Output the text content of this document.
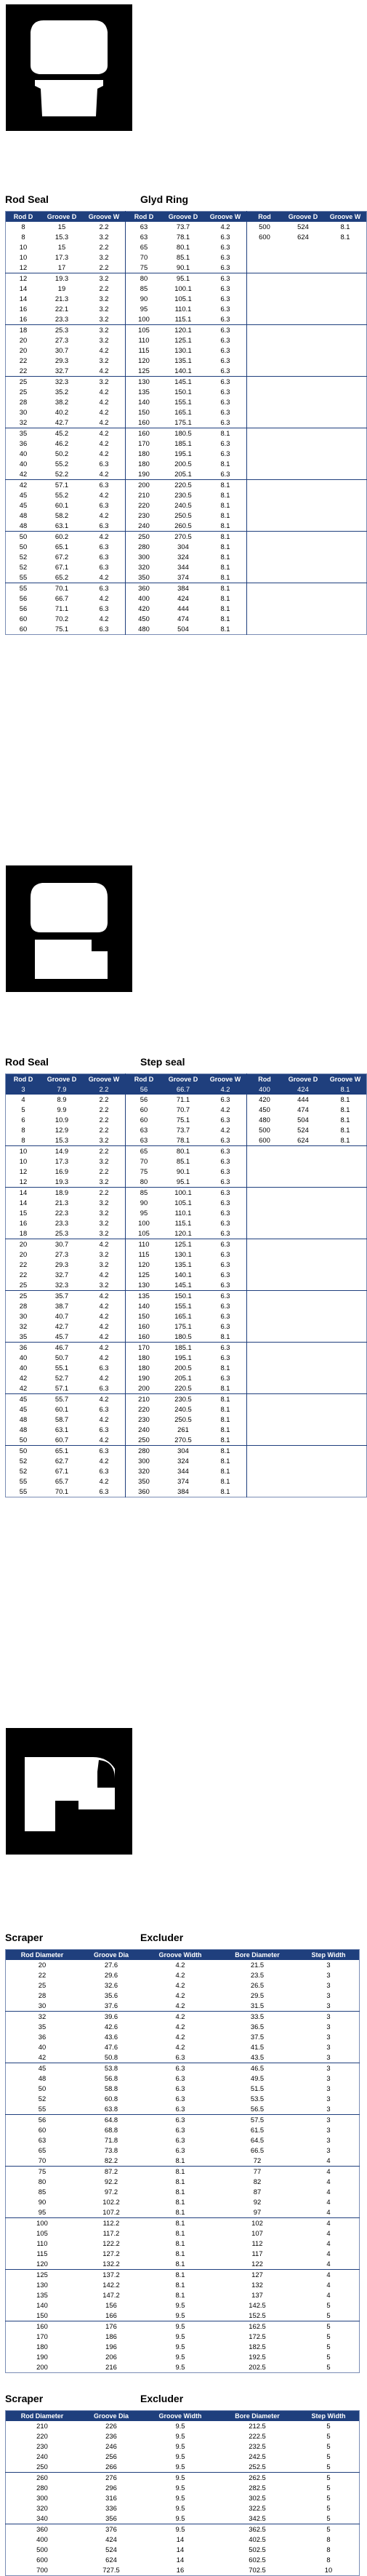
Rod Seal	Glyd Ring
Rod D	Groove D	Groove W	Rod D	Groove D	Groove W	Rod	Groove D	Groove W
8	15	2.2	63	73.7	4.2	500	524	8.1
8	15.3	3.2	63	78.1	6.3	600	624	8.1
10	15	2.2	65	80.1	6.3			
10	17.3	3.2	70	85.1	6.3			
12	17	2.2	75	90.1	6.3			
12	19.3	3.2	80	95.1	6.3			
14	19	2.2	85	100.1	6.3			
14	21.3	3.2	90	105.1	6.3			
16	22.1	3.2	95	110.1	6.3			
16	23.3	3.2	100	115.1	6.3			
18	25.3	3.2	105	120.1	6.3			
20	27.3	3.2	110	125.1	6.3			
20	30.7	4.2	115	130.1	6.3			
22	29.3	3.2	120	135.1	6.3			
22	32.7	4.2	125	140.1	6.3			
25	32.3	3.2	130	145.1	6.3			
25	35.2	4.2	135	150.1	6.3			
28	38.2	4.2	140	155.1	6.3			
30	40.2	4.2	150	165.1	6.3			
32	42.7	4.2	160	175.1	6.3			
35	45.2	4.2	160	180.5	8.1			
36	46.2	4.2	170	185.1	6.3			
40	50.2	4.2	180	195.1	6.3			
40	55.2	6.3	180	200.5	8.1			
42	52.2	4.2	190	205.1	6.3			
42	57.1	6.3	200	220.5	8.1			
45	55.2	4.2	210	230.5	8.1			
45	60.1	6.3	220	240.5	8.1			
48	58.2	4.2	230	250.5	8.1			
48	63.1	6.3	240	260.5	8.1			
50	60.2	4.2	250	270.5	8.1			
50	65.1	6.3	280	304	8.1			
52	67.2	6.3	300	324	8.1			
52	67.1	6.3	320	344	8.1			
55	65.2	4.2	350	374	8.1			
55	70.1	6.3	360	384	8.1			
56	66.7	4.2	400	424	8.1			
56	71.1	6.3	420	444	8.1			
60	70.2	4.2	450	474	8.1			
60	75.1	6.3	480	504	8.1			
Rod Seal	Step seal
Rod D	Groove D	Groove W	Rod D	Groove D	Groove W	Rod	Groove D	Groove W
3	7.9	2.2	56	66.7	4.2	400	424	8.1
4	8.9	2.2	56	71.1	6.3	420	444	8.1
5	9.9	2.2	60	70.7	4.2	450	474	8.1
6	10.9	2.2	60	75.1	6.3	480	504	8.1
8	12.9	2.2	63	73.7	4.2	500	524	8.1
8	15.3	3.2	63	78.1	6.3	600	624	8.1
10	14.9	2.2	65	80.1	6.3			
10	17.3	3.2	70	85.1	6.3			
12	16.9	2.2	75	90.1	6.3			
12	19.3	3.2	80	95.1	6.3			
14	18.9	2.2	85	100.1	6.3			
14	21.3	3.2	90	105.1	6.3			
15	22.3	3.2	95	110.1	6.3			
16	23.3	3.2	100	115.1	6.3			
18	25.3	3.2	105	120.1	6.3			
20	30.7	4.2	110	125.1	6.3			
20	27.3	3.2	115	130.1	6.3			
22	29.3	3.2	120	135.1	6.3			
22	32.7	4.2	125	140.1	6.3			
25	32.3	3.2	130	145.1	6.3			
25	35.7	4.2	135	150.1	6.3			
28	38.7	4.2	140	155.1	6.3			
30	40.7	4.2	150	165.1	6.3			
32	42.7	4.2	160	175.1	6.3			
35	45.7	4.2	160	180.5	8.1			
36	46.7	4.2	170	185.1	6.3			
40	50.7	4.2	180	195.1	6.3			
40	55.1	6.3	180	200.5	8.1			
42	52.7	4.2	190	205.1	6.3			
42	57.1	6.3	200	220.5	8.1			
45	55.7	4.2	210	230.5	8.1			
45	60.1	6.3	220	240.5	8.1			
48	58.7	4.2	230	250.5	8.1			
48	63.1	6.3	240	261	8.1			
50	60.7	4.2	250	270.5	8.1			
50	65.1	6.3	280	304	8.1			
52	62.7	4.2	300	324	8.1			
52	67.1	6.3	320	344	8.1			
55	65.7	4.2	350	374	8.1			
55	70.1	6.3	360	384	8.1			
Scraper	Excluder
Rod Diameter	Groove Dia	Groove Width	Bore Diameter	Step Width
20	27.6	4.2	21.5	3
22	29.6	4.2	23.5	3
25	32.6	4.2	26.5	3
28	35.6	4.2	29.5	3
30	37.6	4.2	31.5	3
32	39.6	4.2	33.5	3
35	42.6	4.2	36.5	3
36	43.6	4.2	37.5	3
40	47.6	4.2	41.5	3
42	50.8	6.3	43.5	3
45	53.8	6.3	46.5	3
48	56.8	6.3	49.5	3
50	58.8	6.3	51.5	3
52	60.8	6.3	53.5	3
55	63.8	6.3	56.5	3
56	64.8	6.3	57.5	3
60	68.8	6.3	61.5	3
63	71.8	6.3	64.5	3
65	73.8	6.3	66.5	3
70	82.2	8.1	72	4
75	87.2	8.1	77	4
80	92.2	8.1	82	4
85	97.2	8.1	87	4
90	102.2	8.1	92	4
95	107.2	8.1	97	4
100	112.2	8.1	102	4
105	117.2	8.1	107	4
110	122.2	8.1	112	4
115	127.2	8.1	117	4
120	132.2	8.1	122	4
125	137.2	8.1	127	4
130	142.2	8.1	132	4
135	147.2	8.1	137	4
140	156	9.5	142.5	5
150	166	9.5	152.5	5
160	176	9.5	162.5	5
170	186	9.5	172.5	5
180	196	9.5	182.5	5
190	206	9.5	192.5	5
200	216	9.5	202.5	5
Scraper	Excluder
Rod Diameter	Groove Dia	Groove Width	Bore Diameter	Step Width
210	226	9.5	212.5	5
220	236	9.5	222.5	5
230	246	9.5	232.5	5
240	256	9.5	242.5	5
250	266	9.5	252.5	5
260	276	9.5	262.5	5
280	296	9.5	282.5	5
300	316	9.5	302.5	5
320	336	9.5	322.5	5
340	356	9.5	342.5	5
360	376	9.5	362.5	5
400	424	14	402.5	8
500	524	14	502.5	8
600	624	14	602.5	8
700	727.5	16	702.5	10
